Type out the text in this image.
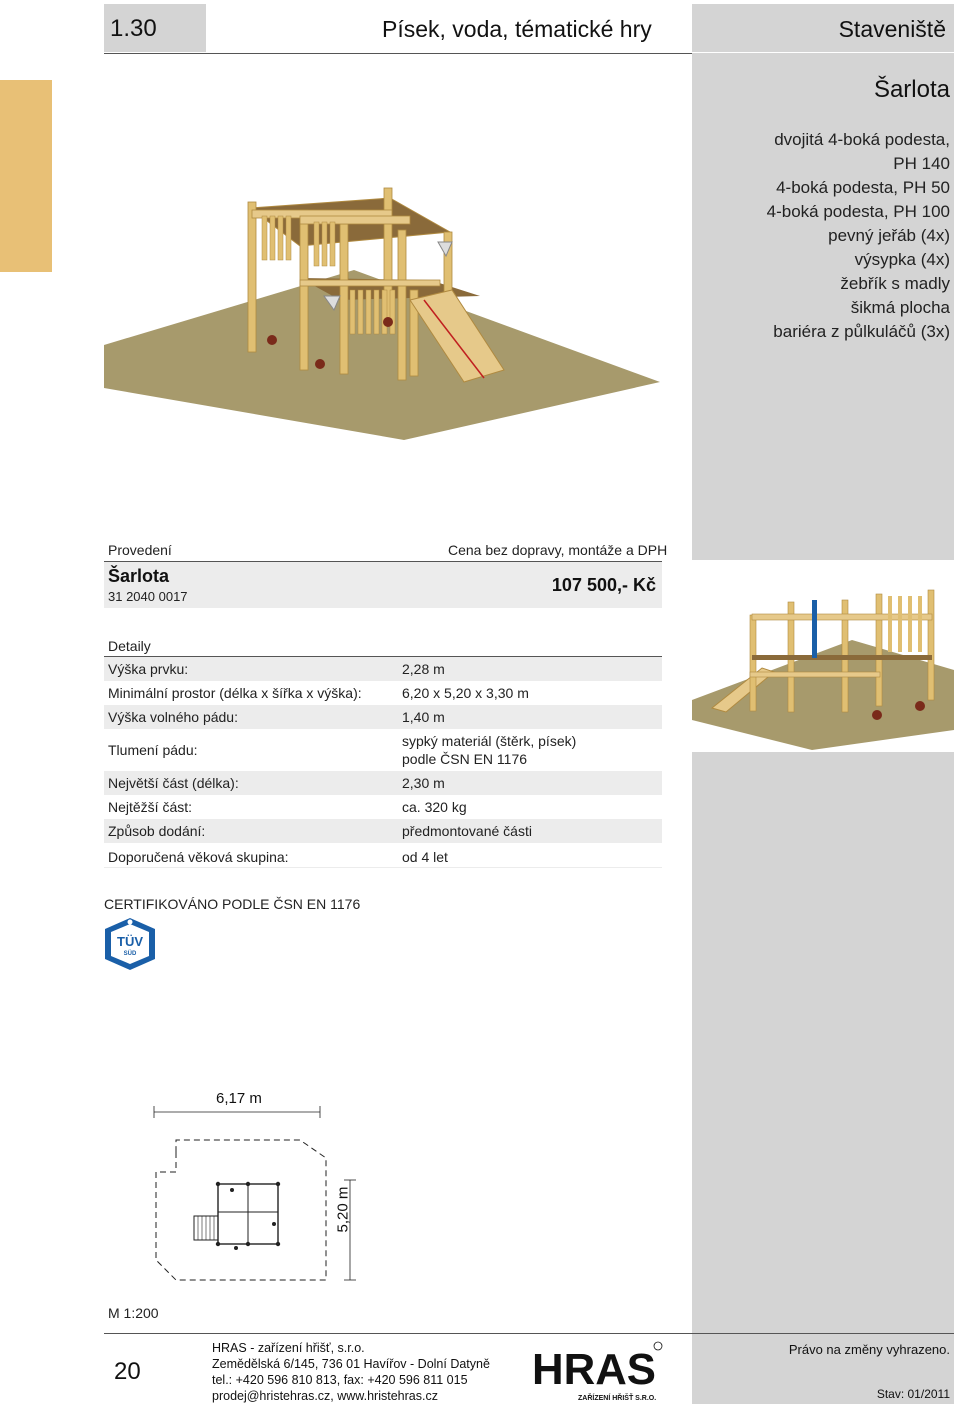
1.30	Písek, voda, tématické hry	Staveniště
Šarlota
dvojitá 4-boká podesta,
PH 140
4-boká podesta, PH 50
4-boká podesta, PH 100
pevný jeřáb (4x)
výsypka (4x)
žebřík s madly
šikmá plocha
bariéra z půlkuláčů (3x)
Provedení	Cena bez dopravy, montáže a DPH
Šarlota
31 2040 0017
107 500,- Kč
Detaily
Výška prvku:	2,28 m
Minimální prostor (délka x šířka x výška):	6,20 x 5,20 x 3,30 m
Výška volného pádu:	1,40 m
Tlumení pádu:
sypký materiál (štěrk, písek)
podle ČSN EN 1176
Největší část (délka):	2,30 m
Nejtěžší část:	ca. 320 kg
Způsob dodání:	předmontované části
Doporučená věková skupina:	od 4 let
CERTIFIKOVÁNO PODLE ČSN EN 1176
TÜV
SÜD
6,17 m
5,20 m
M 1:200
20
HRAS - zařízení hřišť, s.r.o.
Zemědělská 6/145, 736 01 Havířov - Dolní Datyně
tel.: +420 596 810 813, fax: +420 596 811 015
prodej@hristehras.cz, www.hristehras.cz
HRAS
ZAŘÍZENÍ HŘIŠŤ S.R.O.
Právo na změny vyhrazeno.
Stav: 01/2011
